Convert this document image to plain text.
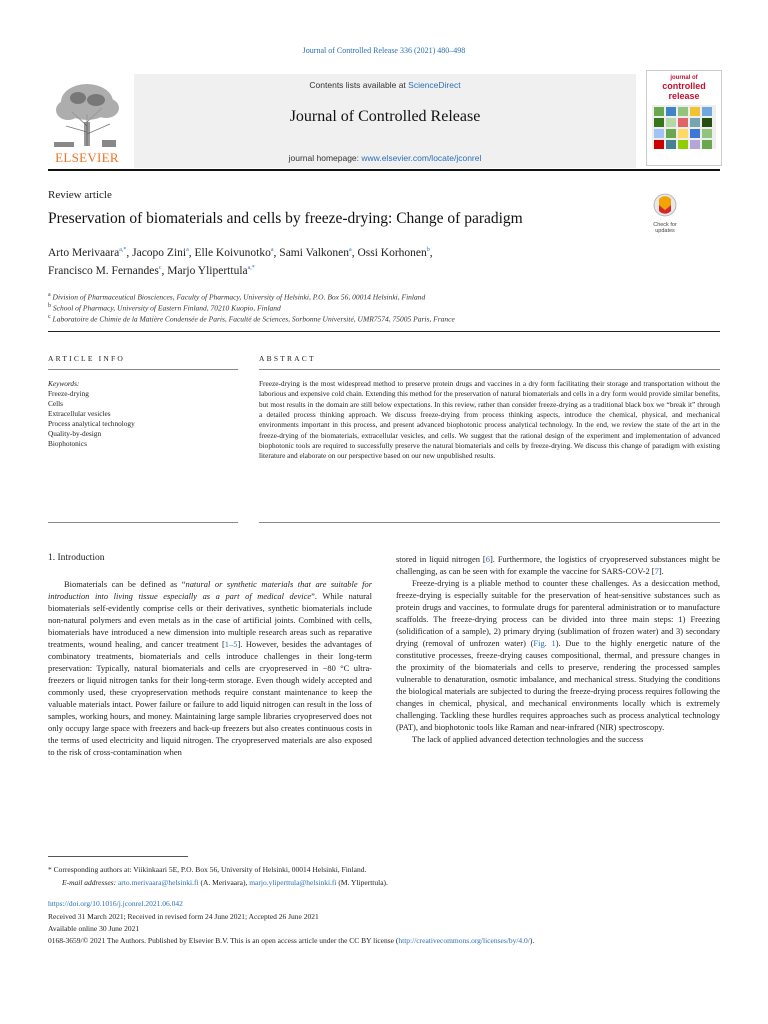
Journal of Controlled Release 336 (2021) 480–498
ELSEVIER
Contents lists available at ScienceDirect
Journal of Controlled Release
journal homepage: www.elsevier.com/locate/jconrel
journal of
controlled
release
Review article
Preservation of biomaterials and cells by freeze-drying: Change of paradigm	Check for
updates
Arto Merivaara$^{a,*}$, Jacopo Zini$^a$, Elle Koivunotko$^a$, Sami Valkonen$^a$, Ossi Korhonen$^b$,
Francisco M. Fernandes$^c$, Marjo Yliperttula$^{a,*}$
$^a$ Division of Pharmaceutical Biosciences, Faculty of Pharmacy, University of Helsinki, P.O. Box 56, 00014 Helsinki, Finland
$^b$ School of Pharmacy, University of Eastern Finland, 70210 Kuopio, Finland
$^c$ Laboratoire de Chimie de la Matière Condensée de Paris, Faculté de Sciences, Sorbonne Université, UMR7574, 75005 Paris, France
ARTICLE INFO	ABSTRACT
Keywords:
Freeze-drying
Cells
Extracellular vesicles
Process analytical technology
Quality-by-design
Biophotonics
Freeze-drying is the most widespread method to preserve protein drugs and vaccines in a dry form facilitating their storage and transportation without the laborious and expensive cold chain. Extending this method for the preservation of natural biomaterials and cells in a dry form would provide similar benefits, but most results in the domain are still below expectations. In this review, rather than consider freeze-drying as a traditional black box we “break it” through a detailed process thinking approach. We discuss freeze-drying from process thinking aspects, introduce the chemical, physical, and mechanical environments important in this process, and present advanced biophotonic process analytical technology. In the end, we review the state of the art in the freeze-drying of the biomaterials, extracellular vesicles, and cells. We suggest that the rational design of the experiment and implementation of advanced biophotonic tools are required to successfully preserve the natural biomaterials and cells by freeze-drying. We discuss this change of paradigm with existing literature and elaborate on our perspective based on our new unpublished results.
1. Introduction

Biomaterials can be defined as “natural or synthetic materials that are suitable for introduction into living tissue especially as a part of medical device”. While natural biomaterials self-evidently comprise cells or their derivatives, synthetic biomaterials include non-natural polymers and even metals as in the case of artificial joints. Combined with cells, biomaterials have introduced a new dimension into multiple research areas such as reparative treatments, wound healing, and cancer treatment [1–5]. However, besides the advantages of combinatory treatments, biomaterials and cells introduce challenges in their long-term preservation: Typically, natural biomaterials and cells are cryopreserved in −80 °C ultra-freezers or liquid nitrogen tanks for their long-term storage. Even though widely accepted and commonly used, these cryopreservation methods require constant maintenance to keep the valuable materials intact. Power failure or failure to add liquid nitrogen can result in the loss of samples, working hours, and money. Maintaining large sample libraries cryopreserved does not only occupy large space with freezers and back-up freezers but also creates continuous costs in the terms of used electricity and liquid nitrogen. The cryopreserved materials are also exposed to the risk of cross-contamination when

stored in liquid nitrogen [6]. Furthermore, the logistics of cryopreserved substances might be challenging, as can be seen with for example the vaccine for SARS-COV-2 [7].

Freeze-drying is a pliable method to counter these challenges. As a desiccation method, freeze-drying is especially suitable for the preservation of heat-sensitive substances such as protein drugs and vaccines, to formulate drugs for parenteral administration or to manufacture scaffolds. The freeze-drying process can be divided into three main steps: 1) Freezing (solidification of a sample), 2) primary drying (sublimation of frozen water) and 3) secondary drying (removal of unfrozen water) (Fig. 1). Due to the highly energetic nature of the constitutive processes, freeze-drying causes compositional, thermal, and pressure changes in the proximity of the biomaterials and cells to preserve, rendering the processed samples vulnerable to denaturation, osmotic imbalance, and mechanical stress. Studying the conditions the biological materials are subjected to during the freeze-drying process requires following the changes in chemical, physical, and mechanical environments locally which is extremely challenging. Tackling these hurdles requires approaches such as process analytical technology (PAT), and biophotonic tools like Raman and near-infrared (NIR) spectroscopy.

The lack of applied advanced detection technologies and the success

* Corresponding authors at: Viikinkaari 5E, P.O. Box 56, University of Helsinki, 00014 Helsinki, Finland.
E-mail addresses: arto.merivaara@helsinki.fi (A. Merivaara), marjo.yliperttula@helsinki.fi (M. Yliperttula).
https://doi.org/10.1016/j.jconrel.2021.06.042
Received 31 March 2021; Received in revised form 24 June 2021; Accepted 26 June 2021
Available online 30 June 2021
0168-3659/© 2021 The Authors. Published by Elsevier B.V. This is an open access article under the CC BY license (http://creativecommons.org/licenses/by/4.0/).
